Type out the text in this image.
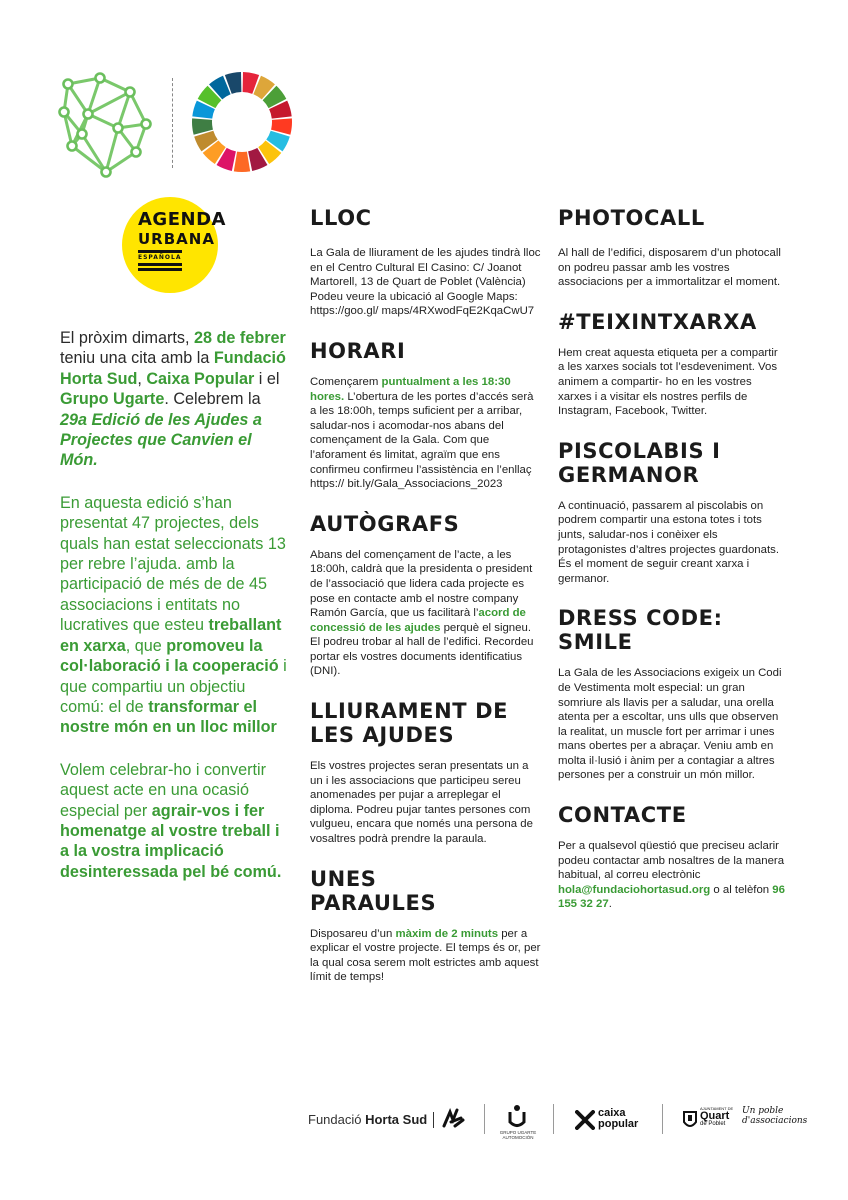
AGENDA
URBANA
ESPAÑOLA

El pròxim dimarts, 28 de febrer teniu una cita amb la Fundació Horta Sud, Caixa Popular i el Grupo Ugarte. Celebrem la 29a Edició de les Ajudes a Projectes que Canvien el Món.

En aquesta edició s’han presentat 47 projectes, dels quals han estat seleccionats 13 per rebre l’ajuda. amb la participació de més de de 45 associacions i entitats no lucratives que esteu treballant en xarxa, que promoveu la col·laboració i la cooperació i que compartiu un objectiu comú: el de transformar el nostre món en un lloc millor

Volem celebrar-ho i convertir aquest acte en una ocasió especial per agrair-vos i fer homenatge al vostre treball i a la vostra implicació desinteressada pel bé comú.

LLOC

La Gala de lliurament de les ajudes tindrà lloc en el Centro Cultural El Casino: C/ Joanot Martorell, 13 de Quart de Poblet (València) Podeu veure la ubicació al Google Maps: https://goo.gl/ maps/4RXwodFqE2KqaCwU7

HORARI

Començarem puntualment a les 18:30 hores. L’obertura de les portes d’accés serà a les 18:00h, temps suficient per a arribar, saludar-nos i acomodar-nos abans del començament de la Gala. Com que l’aforament és limitat, agraïm que ens confirmeu confirmeu l’assistència en l’enllaç https:// bit.ly/Gala_Associacions_2023

AUTÒGRAFS

Abans del començament de l’acte, a les 18:00h, caldrà que la presidenta o president de l’associació que lidera cada projecte es pose en contacte amb el nostre company Ramón García, que us facilitarà l’acord de concessió de les ajudes perquè el signeu. El podreu trobar al hall de l’edifici. Recordeu portar els vostres documents identificatius (DNI).

LLIURAMENT DE LES AJUDES

Els vostres projectes seran presentats un a un i les associacions que participeu sereu anomenades per pujar a arreplegar el diploma. Podreu pujar tantes persones com vulgueu, encara que només una persona de vosaltres podrà prendre la paraula.

UNES PARAULES

Disposareu d’un màxim de 2 minuts per a explicar el vostre projecte. El temps és or, per la qual cosa serem molt estrictes amb aquest límit de temps!

PHOTOCALL

Al hall de l’edifici, disposarem d’un photocall on podreu passar amb les vostres associacions per a immortalitzar el moment.

#TEIXINTXARXA

Hem creat aquesta etiqueta per a compartir a les xarxes socials tot l’esdeveniment. Vos animem a compartir- ho en les vostres xarxes i a visitar els nostres perfils de Instagram, Facebook, Twitter.

PISCOLABIS I GERMANOR

A continuació, passarem al piscolabis on podrem compartir una estona totes i tots junts, saludar-nos i conèixer els protagonistes d’altres projectes guardonats. És el moment de seguir creant xarxa i germanor.

DRESS CODE: SMILE

La Gala de les Associacions exigeix un Codi de Vestimenta molt especial: un gran somriure als llavis per a saludar, una orella atenta per a escoltar, uns ulls que observen la realitat, un muscle fort per arrimar i unes mans obertes per a abraçar. Veniu amb en molta il·lusió i ànim per a contagiar a altres persones per a construir un món millor.

CONTACTE

Per a qualsevol qüestió que preciseu aclarir podeu contactar amb nosaltres de la manera habitual, al correu electrònic hola@fundaciohortasud.org o al telèfon 96 155 32 27.

Fundació Horta Sud
GRUPO UGARTE AUTOMOCIÓN
caixa
popular
AJUNTAMENT DE
Quart
de Poblet
Un poble d'associacions
